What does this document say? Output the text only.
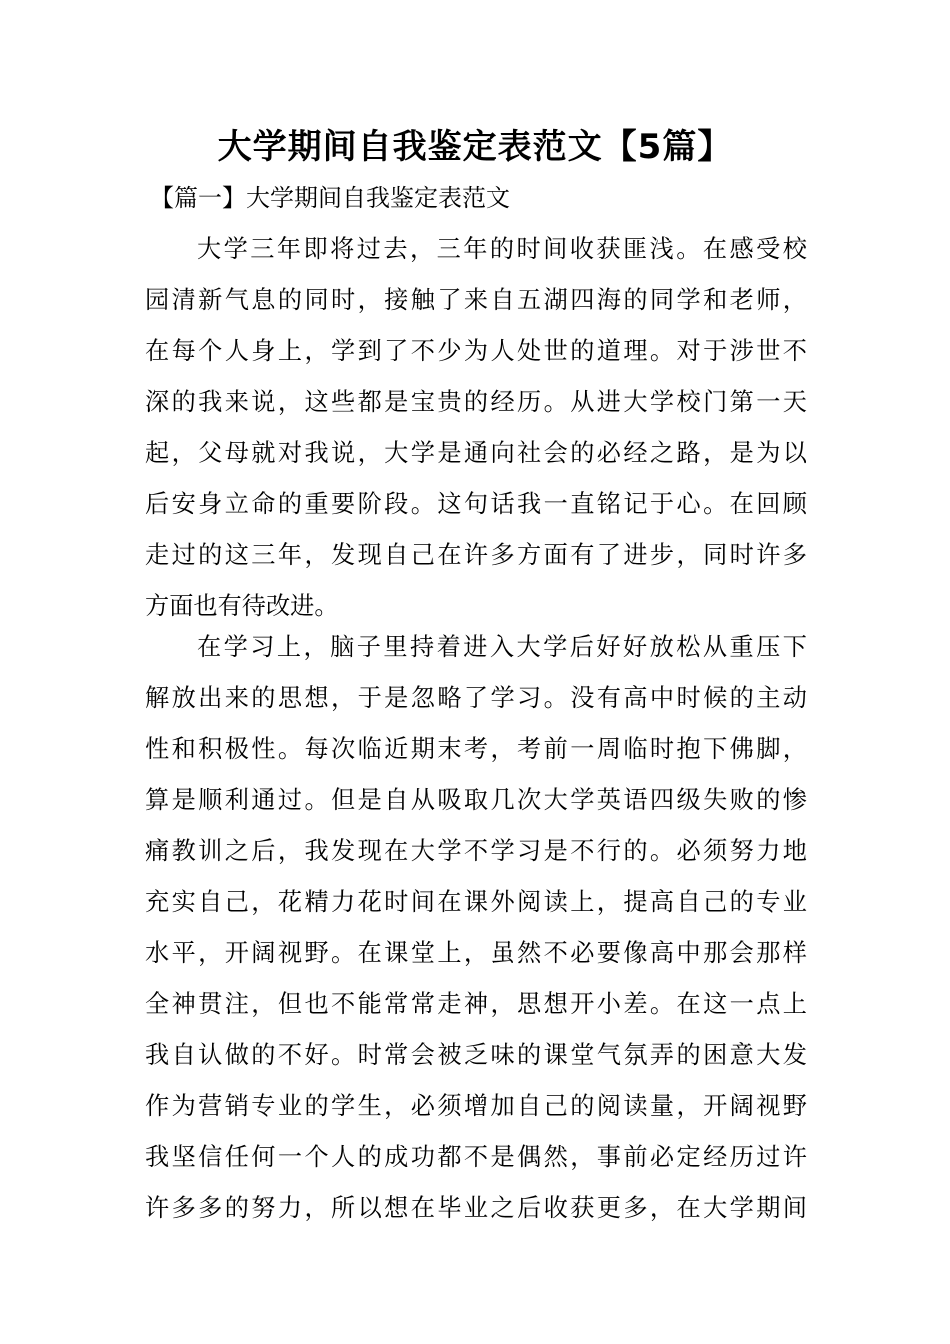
大学期间自我鉴定表范文【5篇】
【篇一】大学期间自我鉴定表范文
大学三年即将过去，三年的时间收获匪浅。在感受校
园清新气息的同时，接触了来自五湖四海的同学和老师，
在每个人身上，学到了不少为人处世的道理。对于涉世不
深的我来说，这些都是宝贵的经历。从进大学校门第一天
起，父母就对我说，大学是通向社会的必经之路，是为以
后安身立命的重要阶段。这句话我一直铭记于心。在回顾
走过的这三年，发现自己在许多方面有了进步，同时许多
方面也有待改进。
在学习上，脑子里持着进入大学后好好放松从重压下
解放出来的思想，于是忽略了学习。没有高中时候的主动
性和积极性。每次临近期末考，考前一周临时抱下佛脚，
算是顺利通过。但是自从吸取几次大学英语四级失败的惨
痛教训之后，我发现在大学不学习是不行的。必须努力地
充实自己，花精力花时间在课外阅读上，提高自己的专业
水平，开阔视野。在课堂上，虽然不必要像高中那会那样
全神贯注，但也不能常常走神，思想开小差。在这一点上
我自认做的不好。时常会被乏味的课堂气氛弄的困意大发
作为营销专业的学生，必须增加自己的阅读量，开阔视野
我坚信任何一个人的成功都不是偶然，事前必定经历过许
许多多的努力，所以想在毕业之后收获更多，在大学期间
